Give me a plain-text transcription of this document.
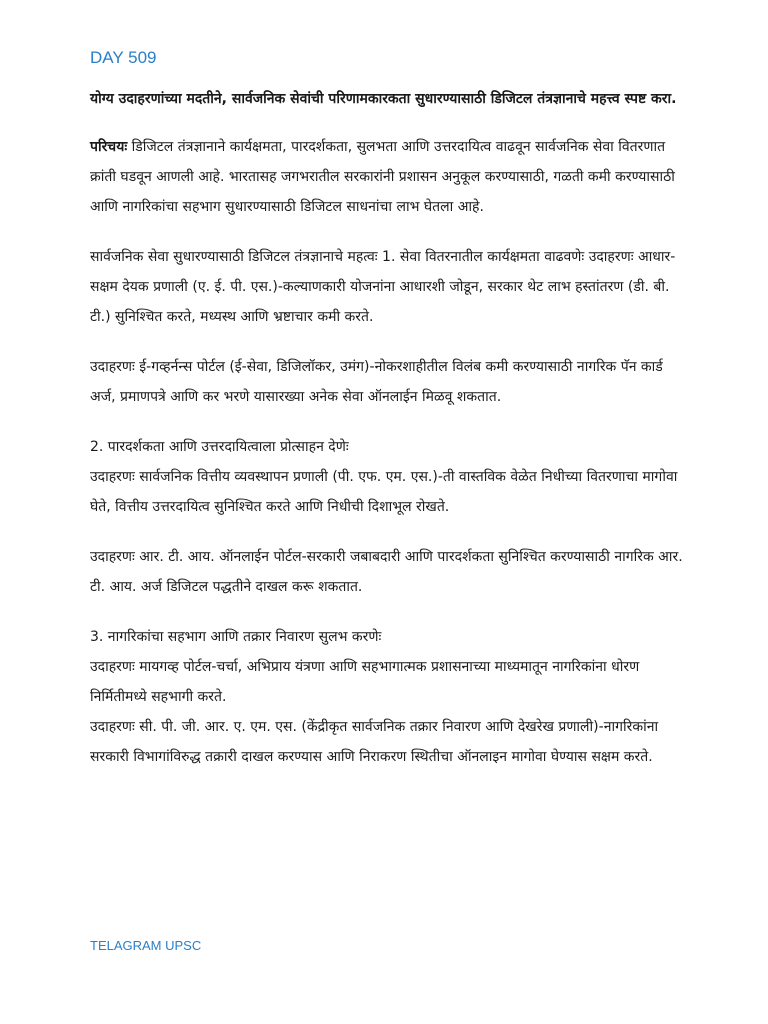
DAY 509
योग्य उदाहरणांच्या मदतीने, सार्वजनिक सेवांची परिणामकारकता सुधारण्यासाठी डिजिटल तंत्रज्ञानाचे महत्त्व स्पष्ट करा.
परिचयः डिजिटल तंत्रज्ञानाने कार्यक्षमता, पारदर्शकता, सुलभता आणि उत्तरदायित्व वाढवून सार्वजनिक सेवा वितरणात क्रांती घडवून आणली आहे. भारतासह जगभरातील सरकारांनी प्रशासन अनुकूल करण्यासाठी, गळती कमी करण्यासाठी आणि नागरिकांचा सहभाग सुधारण्यासाठी डिजिटल साधनांचा लाभ घेतला आहे.
सार्वजनिक सेवा सुधारण्यासाठी डिजिटल तंत्रज्ञानाचे महत्वः 1. सेवा वितरनातील कार्यक्षमता वाढवणेः उदाहरणः आधार-सक्षम देयक प्रणाली (ए. ई. पी. एस.)-कल्याणकारी योजनांना आधारशी जोडून, सरकार थेट लाभ हस्तांतरण (डी. बी. टी.) सुनिश्चित करते, मध्यस्थ आणि भ्रष्टाचार कमी करते.
उदाहरणः ई-गव्हर्नन्स पोर्टल (ई-सेवा, डिजिलॉकर, उमंग)-नोकरशाहीतील विलंब कमी करण्यासाठी नागरिक पॅन कार्ड अर्ज, प्रमाणपत्रे आणि कर भरणे यासारख्या अनेक सेवा ऑनलाईन मिळवू शकतात.
2. पारदर्शकता आणि उत्तरदायित्वाला प्रोत्साहन देणेः
उदाहरणः सार्वजनिक वित्तीय व्यवस्थापन प्रणाली (पी. एफ. एम. एस.)-ती वास्तविक वेळेत निधीच्या वितरणाचा मागोवा घेते, वित्तीय उत्तरदायित्व सुनिश्चित करते आणि निधीची दिशाभूल रोखते.
उदाहरणः आर. टी. आय. ऑनलाईन पोर्टल-सरकारी जबाबदारी आणि पारदर्शकता सुनिश्चित करण्यासाठी नागरिक आर. टी. आय. अर्ज डिजिटल पद्धतीने दाखल करू शकतात.
3. नागरिकांचा सहभाग आणि तक्रार निवारण सुलभ करणेः
उदाहरणः मायगव्ह पोर्टल-चर्चा, अभिप्राय यंत्रणा आणि सहभागात्मक प्रशासनाच्या माध्यमातून नागरिकांना धोरण निर्मितीमध्ये सहभागी करते.
उदाहरणः सी. पी. जी. आर. ए. एम. एस. (केंद्रीकृत सार्वजनिक तक्रार निवारण आणि देखरेख प्रणाली)-नागरिकांना सरकारी विभागांविरुद्ध तक्रारी दाखल करण्यास आणि निराकरण स्थितीचा ऑनलाइन मागोवा घेण्यास सक्षम करते.
TELAGRAM UPSC
